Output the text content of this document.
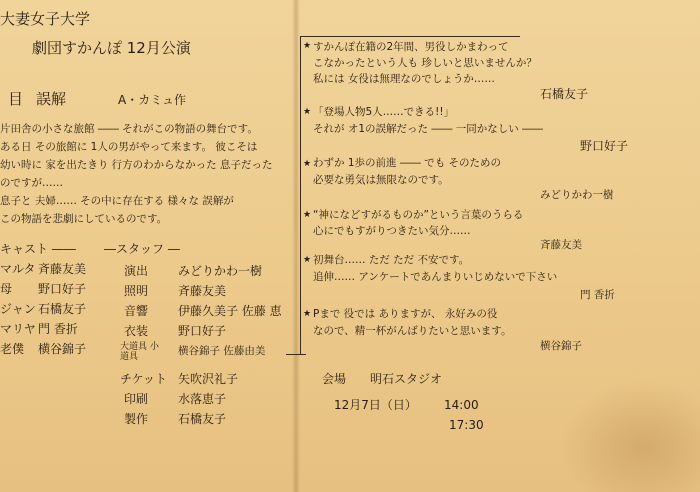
大妻女子大学
劇団すかんぽ 12月公演
目 誤解	A・カミュ作
片田舎の小さな旅館 ―― それがこの物語の舞台です。
ある日 その旅館に 1人の男がやって来ます。 彼こそは
幼い時に 家を出たきり 行方のわからなかった 息子だった
のですが……
息子と 夫婦…… その中に存在する 様々な 誤解が
この物語を悲劇にしているのです。
キャスト ――
マルタ 斉藤友美
母 野口好子
ジャン 石橋友子
マリヤ 門 香折
老僕 横谷錦子
―スタッフ ―
演出 みどりかわ一樹
照明 斉藤友美
音響 伊藤久美子 佐藤 恵
衣装 野口好子
大道具 小道具
横谷錦子 佐藤由美
チケット 矢吹沢礼子
印刷 水落恵子
製作 石橋友子
★ すかんぽ在籍の2年間、男役しかまわって
こなかったという人も 珍しいと思いませんか？
私には 女役は無理なのでしょうか……
石橋友子
★ 「登場人物5人……できる!!」
それが オ1の誤解だった ―― 一同かなしい ――
野口好子
★ わずか 1歩の前進 ―― でも そのための
必要な勇気は無限なのです。
みどりかわ一樹
★ “神になどすがるものか”という言葉のうらる
心にでもすがりつきたい気分……
斉藤友美
★ 初舞台…… ただ ただ 不安です。
追伸…… アンケートであんまりいじめないで下さい
門 香折
★ Pまで 役では ありますが、 永好みの役
なので、精一杯がんばりたいと思います。
横谷錦子
会場 明石スタジオ
12月7日（日） 14:00
17:30
